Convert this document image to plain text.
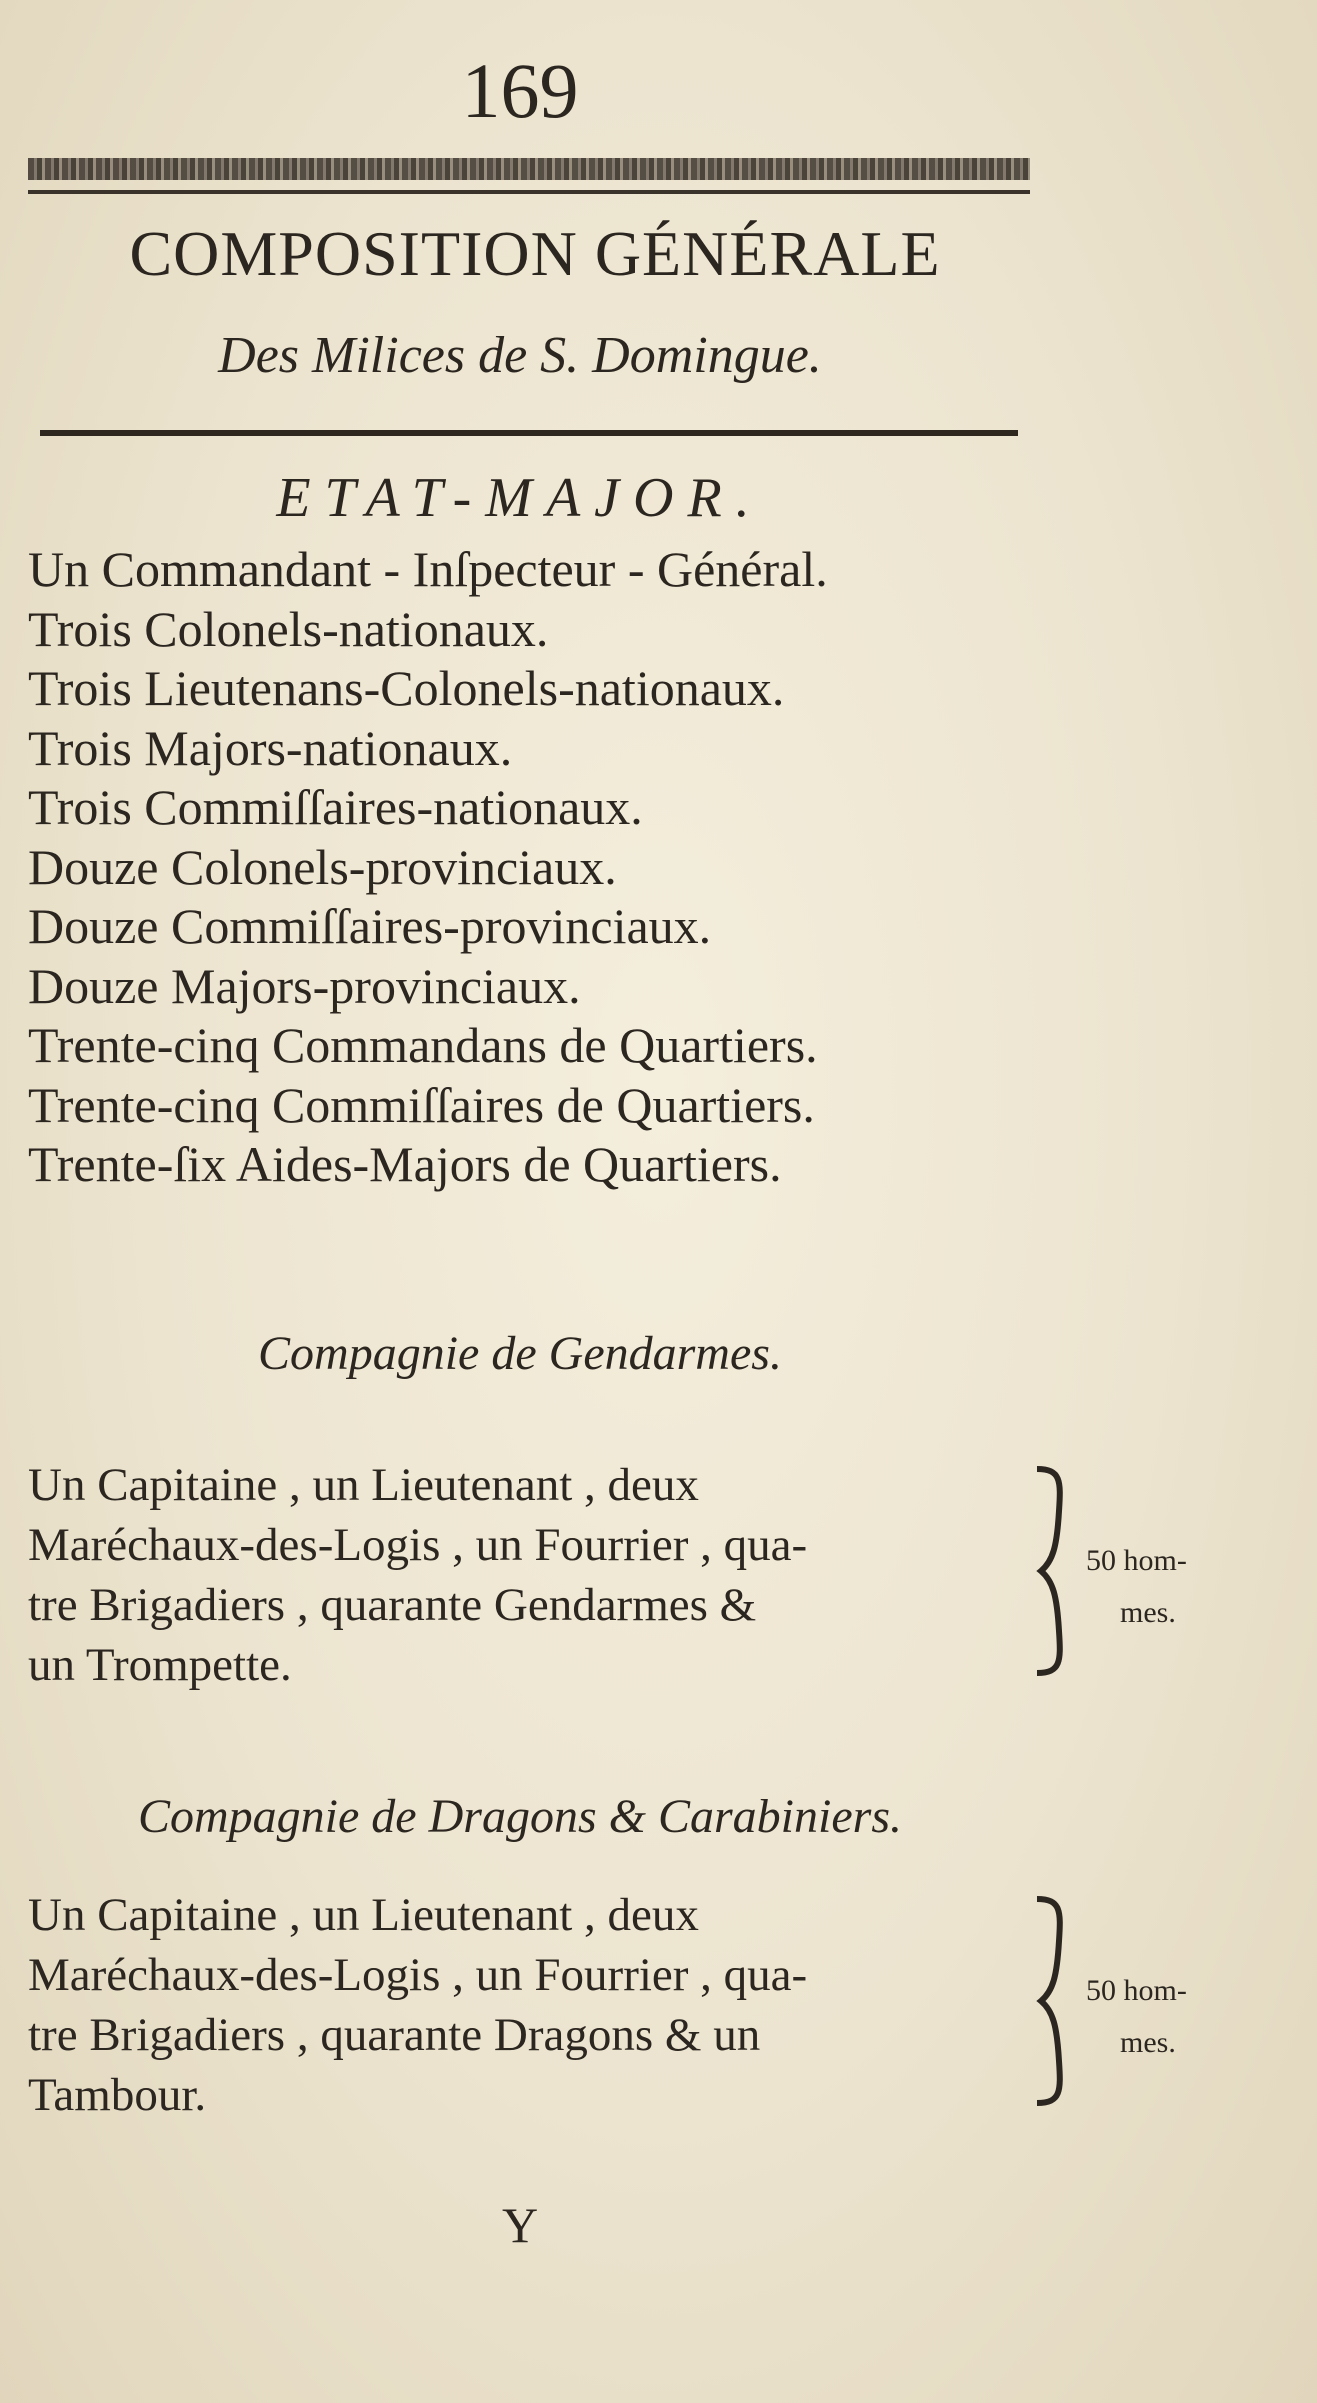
169
COMPOSITION GÉNÉRALE
Des Milices de S. Domingue.
ETAT-MAJOR.
Un Commandant - Inſpecteur - Général.
Trois Colonels-nationaux.
Trois Lieutenans-Colonels-nationaux.
Trois Majors-nationaux.
Trois Commiſſaires-nationaux.
Douze Colonels-provinciaux.
Douze Commiſſaires-provinciaux.
Douze Majors-provinciaux.
Trente-cinq Commandans de Quartiers.
Trente-cinq Commiſſaires de Quartiers.
Trente-ſix Aides-Majors de Quartiers.
Compagnie de Gendarmes.
Un Capitaine , un Lieutenant , deux
Maréchaux-des-Logis , un Fourrier , qua-
tre Brigadiers , quarante Gendarmes &
un Trompette.
50 hom-
mes.
Compagnie de Dragons & Carabiniers.
Un Capitaine , un Lieutenant , deux
Maréchaux-des-Logis , un Fourrier , qua-
tre Brigadiers , quarante Dragons & un
Tambour.
50 hom-
mes.
Y
